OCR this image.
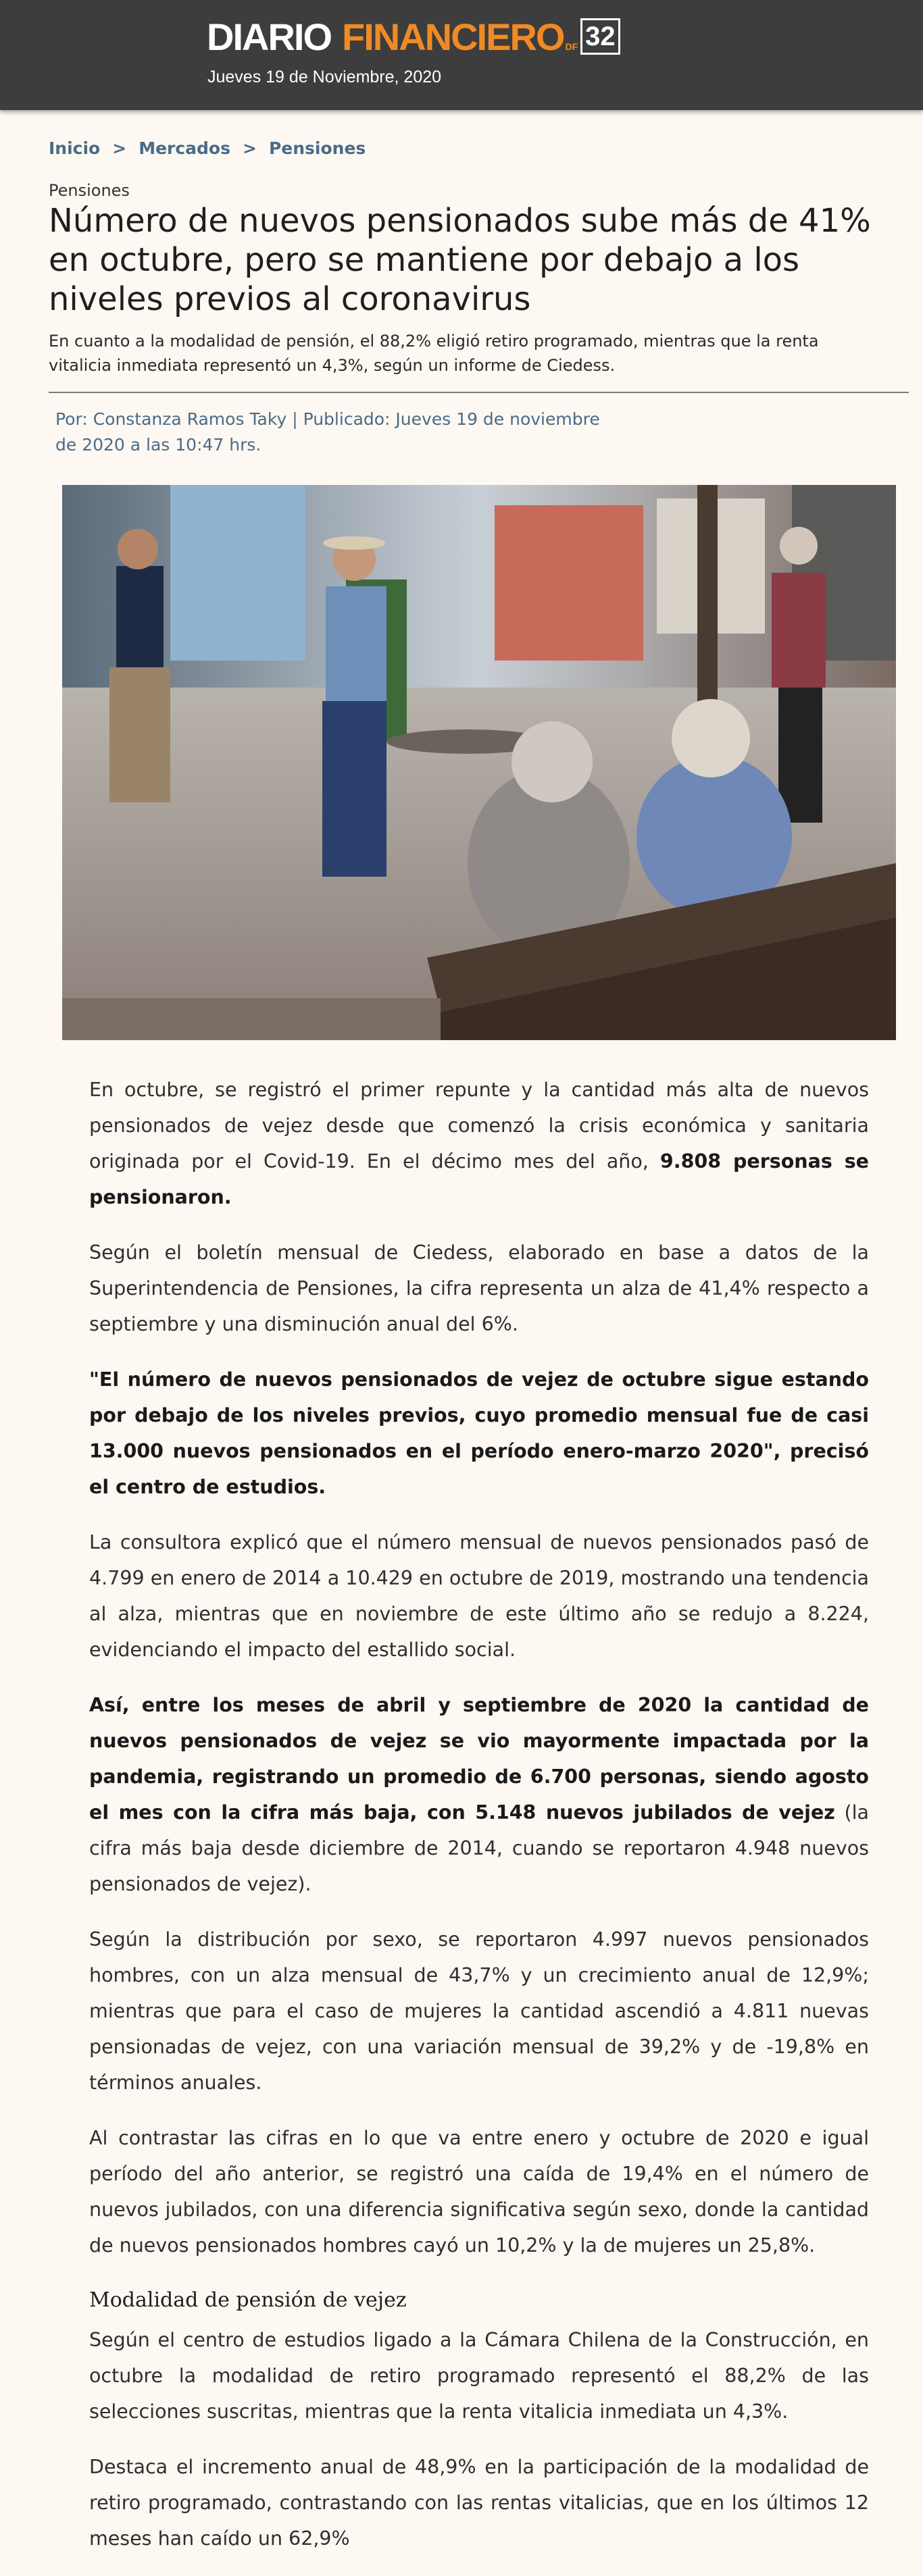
DIARIO FINANCIERO DF 32
Jueves 19 de Noviembre, 2020
Inicio > Mercados > Pensiones
Pensiones
Número de nuevos pensionados sube más de 41% en octubre, pero se mantiene por debajo a los niveles previos al coronavirus
En cuanto a la modalidad de pensión, el 88,2% eligió retiro programado, mientras que la renta vitalicia inmediata representó un 4,3%, según un informe de Ciedess.
Por: Constanza Ramos Taky | Publicado: Jueves 19 de noviembre de 2020 a las 10:47 hrs.

En octubre, se registró el primer repunte y la cantidad más alta de nuevos pensionados de vejez desde que comenzó la crisis económica y sanitaria originada por el Covid-19. En el décimo mes del año, 9.808 personas se pensionaron.

Según el boletín mensual de Ciedess, elaborado en base a datos de la Superintendencia de Pensiones, la cifra representa un alza de 41,4% respecto a septiembre y una disminución anual del 6%.

"El número de nuevos pensionados de vejez de octubre sigue estando por debajo de los niveles previos, cuyo promedio mensual fue de casi 13.000 nuevos pensionados en el período enero-marzo 2020", precisó el centro de estudios.

La consultora explicó que el número mensual de nuevos pensionados pasó de 4.799 en enero de 2014 a 10.429 en octubre de 2019, mostrando una tendencia al alza, mientras que en noviembre de este último año se redujo a 8.224, evidenciando el impacto del estallido social.

Así, entre los meses de abril y septiembre de 2020 la cantidad de nuevos pensionados de vejez se vio mayormente impactada por la pandemia, registrando un promedio de 6.700 personas, siendo agosto el mes con la cifra más baja, con 5.148 nuevos jubilados de vejez (la cifra más baja desde diciembre de 2014, cuando se reportaron 4.948 nuevos pensionados de vejez).

Según la distribución por sexo, se reportaron 4.997 nuevos pensionados hombres, con un alza mensual de 43,7% y un crecimiento anual de 12,9%; mientras que para el caso de mujeres la cantidad ascendió a 4.811 nuevas pensionadas de vejez, con una variación mensual de 39,2% y de -19,8% en términos anuales.

Al contrastar las cifras en lo que va entre enero y octubre de 2020 e igual período del año anterior, se registró una caída de 19,4% en el número de nuevos jubilados, con una diferencia significativa según sexo, donde la cantidad de nuevos pensionados hombres cayó un 10,2% y la de mujeres un 25,8%.

Modalidad de pensión de vejez

Según el centro de estudios ligado a la Cámara Chilena de la Construcción, en octubre la modalidad de retiro programado representó el 88,2% de las selecciones suscritas, mientras que la renta vitalicia inmediata un 4,3%.

Destaca el incremento anual de 48,9% en la participación de la modalidad de retiro programado, contrastando con las rentas vitalicias, que en los últimos 12 meses han caído un 62,9%
